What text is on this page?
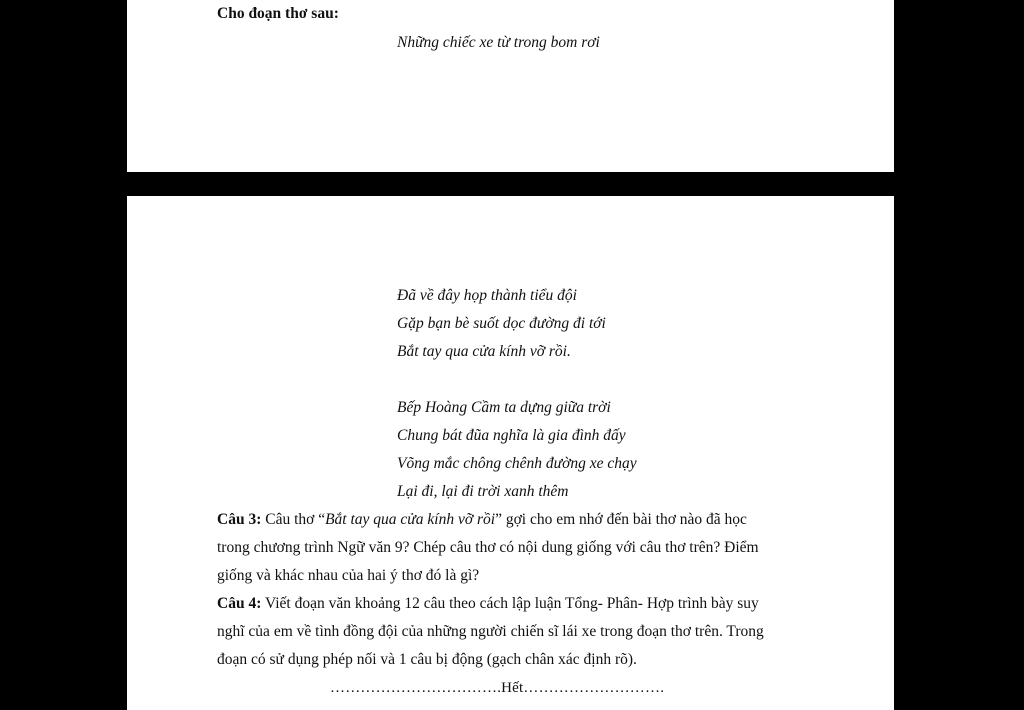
Cho đoạn thơ sau:
Những chiếc xe từ trong bom rơi
Đã về đây họp thành tiểu đội
Gặp bạn bè suốt dọc đường đi tới
Bắt tay qua cửa kính vỡ rồi.
Bếp Hoàng Cầm ta dựng giữa trời
Chung bát đũa nghĩa là gia đình đấy
Võng mắc chông chênh đường xe chạy
Lại đi, lại đi trời xanh thêm
Câu 3: Câu thơ “Bắt tay qua cửa kính vỡ rồi” gợi cho em nhớ đến bài thơ nào đã học
trong chương trình Ngữ văn 9? Chép câu thơ có nội dung giống với câu thơ trên? Điểm
giống và khác nhau của hai ý thơ đó là gì?
Câu 4: Viết đoạn văn khoảng 12 câu theo cách lập luận Tổng- Phân- Hợp trình bày suy
nghĩ của em về tình đồng đội của những người chiến sĩ lái xe trong đoạn thơ trên. Trong
đoạn có sử dụng phép nối và 1 câu bị động (gạch chân xác định rõ).
…………………………….Hết……………………….
